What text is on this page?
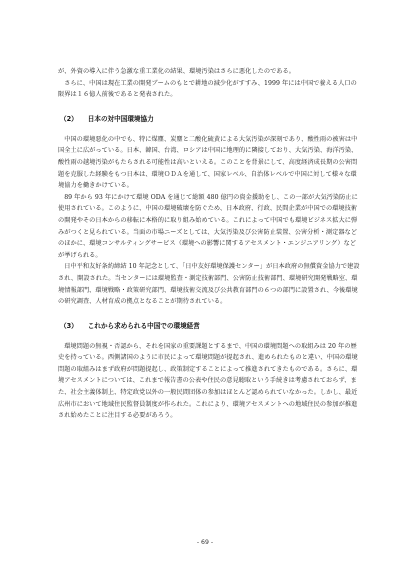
が、外資の導入に伴う急激な重工業化の結果、環境汚染はさらに悪化したのである。

さらに、中国は現在工業の開発ブームのもとで耕地の減少化がすすみ、1999 年には中国で養える人口の限界は１６億人前後であると発表された。

（2） 日本の対中国環境協力

中国の環境悪化の中でも、特に煤塵、炭塵と二酸化硫黄による大気汚染が深刻であり、酸性雨の被害は中国全土に広がっている。日本、韓国、台湾、ロシアは中国に地理的に隣接しており、大気汚染、海洋汚染、酸性雨の越境汚染がもたらされる可能性は高いといえる。このことを背景にして、高度経済成長期の公害問題を克服した経験をもつ日本は、環境ＯＤＡを通して、国家レベル、自治体レベルで中国に対して様々な環境協力を働きかけている。

89 年から 93 年にかけて環境 ODA を通じて総額 480 億円の資金援助をし、この一部が大気汚染防止に使用されている。このように、中国の環境破壊を防ぐため、日本政府、行政、民間企業が中国での環境技術の開発やその日本からの移転に本格的に取り組み始めている。これによって中国でも環境ビジネス拡大に弾みがつくと見られている。当面の市場ニーズとしては、大気汚染及び公害防止装置、公害分析・測定器などのほかに、環境コンサルティングサービス（環境への影響に関するアセスメント・エンジニアリング）などが挙げられる。

日中平和友好条約締結 10 年記念として、「日中友好環境保護センター」が日本政府の無償資金協力で建設され、開設された。当センターには環境監査・測定技術部門、公害防止技術部門、環境研究開発戦略室、環境情報部門、環境戦略・政策研究部門、環境技術交流及び公共教育部門の６つの部門に設置され、今後環境の研究調査、人材育成の拠点となることが期待されている。

（3） これから求められる中国での環境経営

環境問題の無視・否認から、それを国家の重要課題とするまで、中国の環境問題への取組みは 20 年の歴史を持っている。西側諸国のように市民によって環境問題が提起され、進められたものと違い、中国の環境問題の取組みはまず政府が問題提起し、政策制定することによって推進されてきたものである。さらに、環境アセスメントについては、これまで報告書の公表や住民の意見聴取という手続きは考慮されておらず、また、社会主義体制上、特定政党以外の一般民間団体の参加はほとんど認められていなかった。しかし、最近広州市において地域住民監督員制度が作られた。これにより、環境アセスメントへの地域住民の参加が推進され始めたことに注目する必要があろう。

- 69 -
